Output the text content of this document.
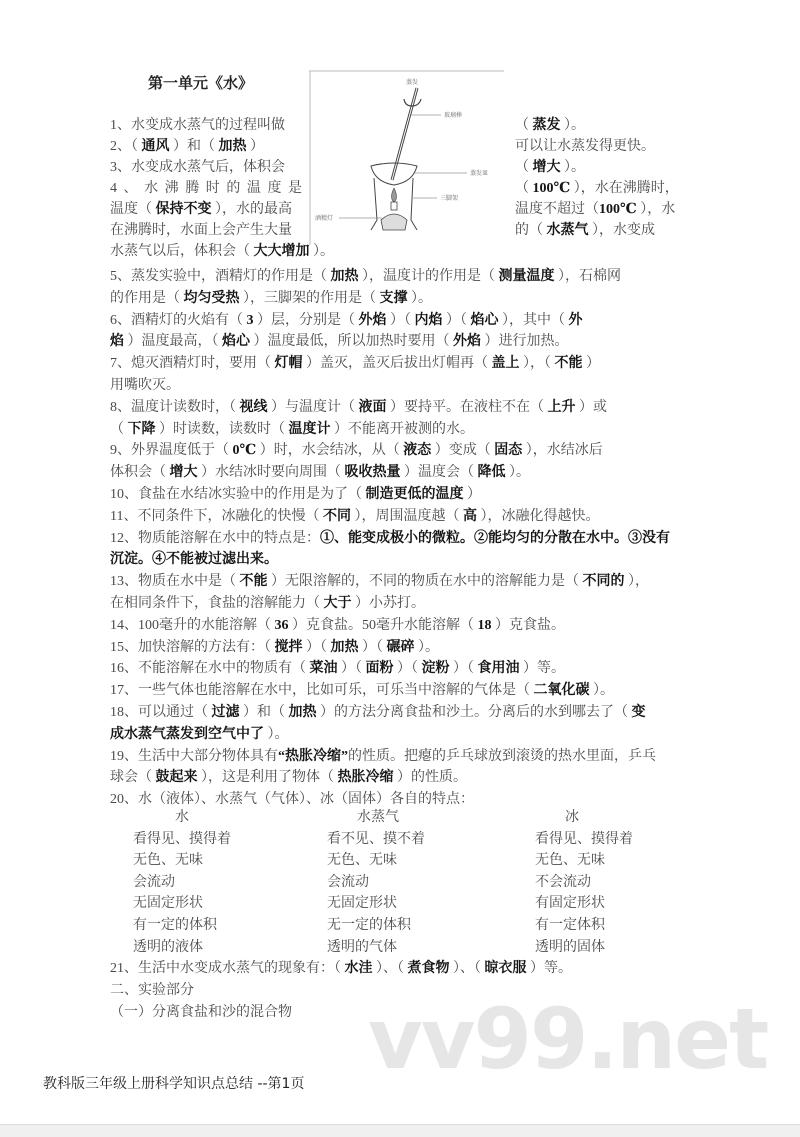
第一单元《水》	蒸发
玻璃棒
蒸发皿
三脚架
酒精灯
1、水变成水蒸气的过程叫做	（ 蒸发 ）。
2、（ 通风 ）和（ 加热 ）	可以让水蒸发得更快。
3、水变成水蒸气后，体积会	（ 增大 ）。
4、水沸腾时的温度是	（ 100℃ ），水在沸腾时，
温度（ 保持不变 ），水的最高	温度不超过（100℃ ），水
在沸腾时，水面上会产生大量	的（ 水蒸气 ），水变成
水蒸气以后，体积会（ 大大增加 ）。
5、蒸发实验中，酒精灯的作用是（ 加热 ），温度计的作用是（ 测量温度 ），石棉网
的作用是（ 均匀受热 ），三脚架的作用是（ 支撑 ）。
6、酒精灯的火焰有（ 3 ）层，分别是（ 外焰 ）（ 内焰 ）（ 焰心 ），其中（ 外
焰 ）温度最高，（ 焰心 ）温度最低，所以加热时要用（ 外焰 ）进行加热。
7、熄灭酒精灯时，要用（ 灯帽 ）盖灭，盖灭后拔出灯帽再（ 盖上 ），（ 不能 ）
用嘴吹灭。
8、温度计读数时，（ 视线 ）与温度计（ 液面 ）要持平。在液柱不在（ 上升 ）或
（ 下降 ）时读数，读数时（ 温度计 ）不能离开被测的水。
9、外界温度低于（ 0℃ ）时，水会结冰，从（ 液态 ）变成（ 固态 ），水结冰后
体积会（ 增大 ）水结冰时要向周围（ 吸收热量 ）温度会（ 降低 ）。
10、食盐在水结冰实验中的作用是为了（ 制造更低的温度 ）
11、不同条件下，冰融化的快慢（ 不同 ），周围温度越（ 高 ），冰融化得越快。
12、物质能溶解在水中的特点是：①、能变成极小的微粒。②能均匀的分散在水中。③没有
沉淀。④不能被过滤出来。
13、物质在水中是（ 不能 ）无限溶解的，不同的物质在水中的溶解能力是（ 不同的 ），
在相同条件下，食盐的溶解能力（ 大于 ）小苏打。
14、100毫升的水能溶解（ 36 ）克食盐。50毫升水能溶解（ 18 ）克食盐。
15、加快溶解的方法有：（ 搅拌 ）（ 加热 ）（ 碾碎 ）。
16、不能溶解在水中的物质有（ 菜油 ）（ 面粉 ）（ 淀粉 ）（ 食用油 ）等。
17、一些气体也能溶解在水中，比如可乐，可乐当中溶解的气体是（ 二氧化碳 ）。
18、可以通过（ 过滤 ）和（ 加热 ）的方法分离食盐和沙土。分离后的水到哪去了（ 变
成水蒸气蒸发到空气中了 ）。
19、生活中大部分物体具有“热胀冷缩”的性质。把瘪的乒乓球放到滚烫的热水里面，乒乓
球会（ 鼓起来 ），这是利用了物体（ 热胀冷缩 ）的性质。
20、水（液体）、水蒸气（气体）、冰（固体）各自的特点：
水	水蒸气	冰
看得见、摸得着	看不见、摸不着	看得见、摸得着
无色、无味	无色、无味	无色、无味
会流动	会流动	不会流动
无固定形状	无固定形状	有固定形状
有一定的体积	无一定的体积	有一定体积
透明的液体	透明的气体	透明的固体
21、生活中水变成水蒸气的现象有：（ 水洼 ）、（ 煮食物 ）、（ 晾衣服 ）等。
二、实验部分
（一）分离食盐和沙的混合物 vv99.net
教科版三年级上册科学知识点总结 --第1页
